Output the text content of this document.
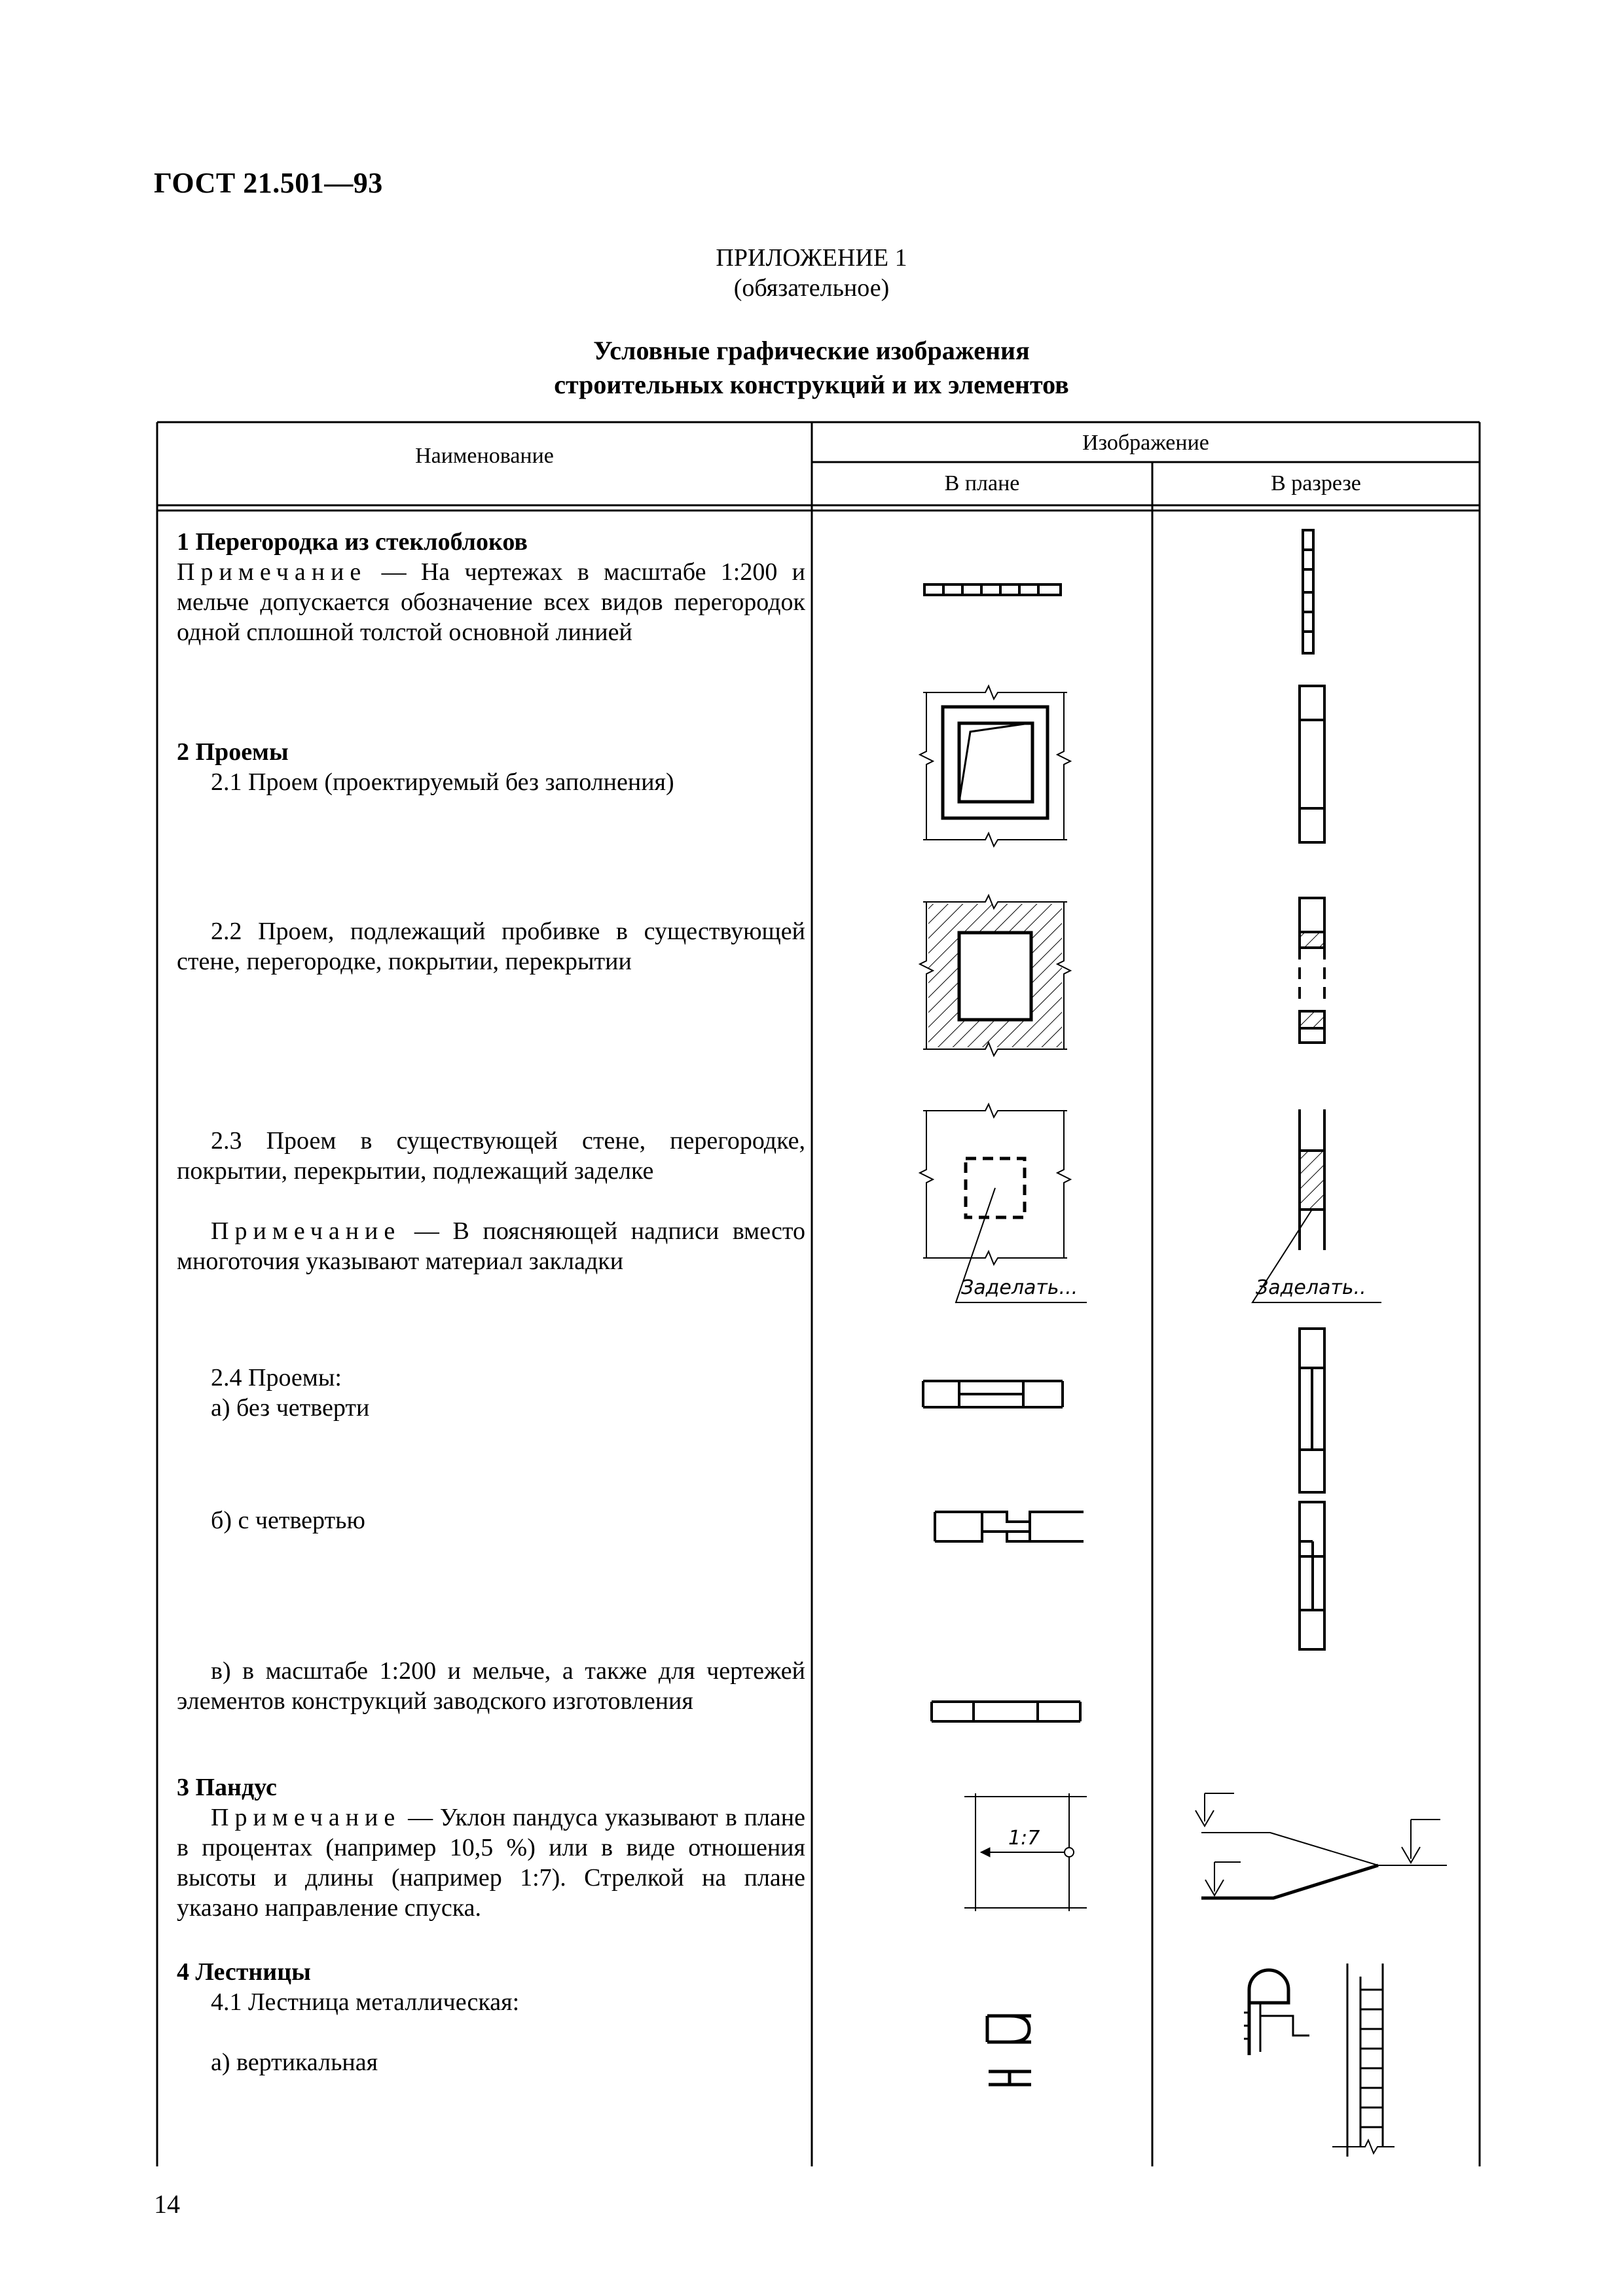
ГОСТ 21.501—93
ПРИЛОЖЕНИЕ 1
(обязательное)
Условные графические изображения
строительных конструкций и их элементов
Наименование
Изображение
В плане	В разрезе

1 Перегородка из стеклоблоков

Примечание — На чертежах в масштабе 1:200 и мельче допускается обозначение всех видов перегородок одной сплошной толстой основной линией

2 Проемы

2.1 Проем (проектируемый без заполнения)

2.2 Проем, подлежащий пробивке в существующей стене, перегородке, покрытии, перекрытии

2.3 Проем в существующей стене, перегородке, покрытии, перекрытии, подлежащий заделке

Примечание — В поясняющей надписи вместо многоточия указывают материал закладки

Заделать...	Заделать..

2.4 Проемы:

а) без четверти

б) с четвертью

в) в масштабе 1:200 и мельче, а также для чертежей элементов конструкций заводского изготовления

3 Пандус

Примечание — Уклон пандуса указывают в плане в процентах (например 10,5 %) или в виде отношения высоты и длины (например 1:7). Стрелкой на плане указано направление спуска.

4 Лестницы

4.1 Лестница металлическая:

а) вертикальная

14
1:7
